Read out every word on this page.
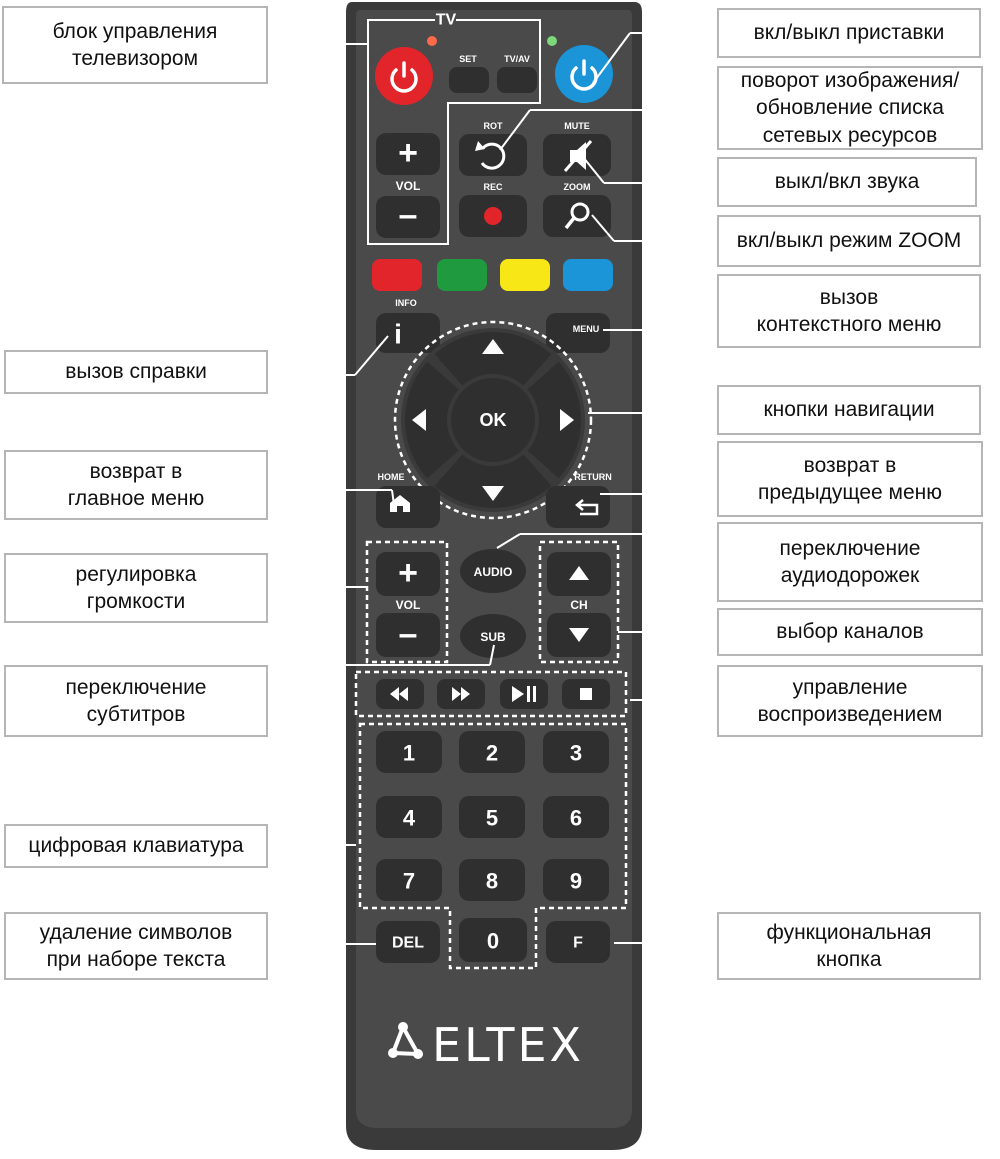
TV
SET	TV/AV
+
VOL
–
ROT	MUTE
REC	ZOOM
INFO
i	MENU
OK
HOME	RETURN
+
VOL
–
AUDIO
SUB
CH
1	2	3
4	5	6
7	8	9
DEL	0	F
блок управления
телевизором
вкл/выкл приставки
поворот изображения/
обновление списка
сетевых ресурсов
выкл/вкл звука
вкл/выкл режим ZOOM
вызов
контекстного меню
вызов справки
кнопки навигации
возврат в
главное меню
возврат в
предыдущее меню
регулировка
громкости
переключение
аудиодорожек
выбор каналов
переключение
субтитров
управление
воспроизведением
цифровая клавиатура
удаление символов
при наборе текста
функциональная
кнопка
ELTEX
